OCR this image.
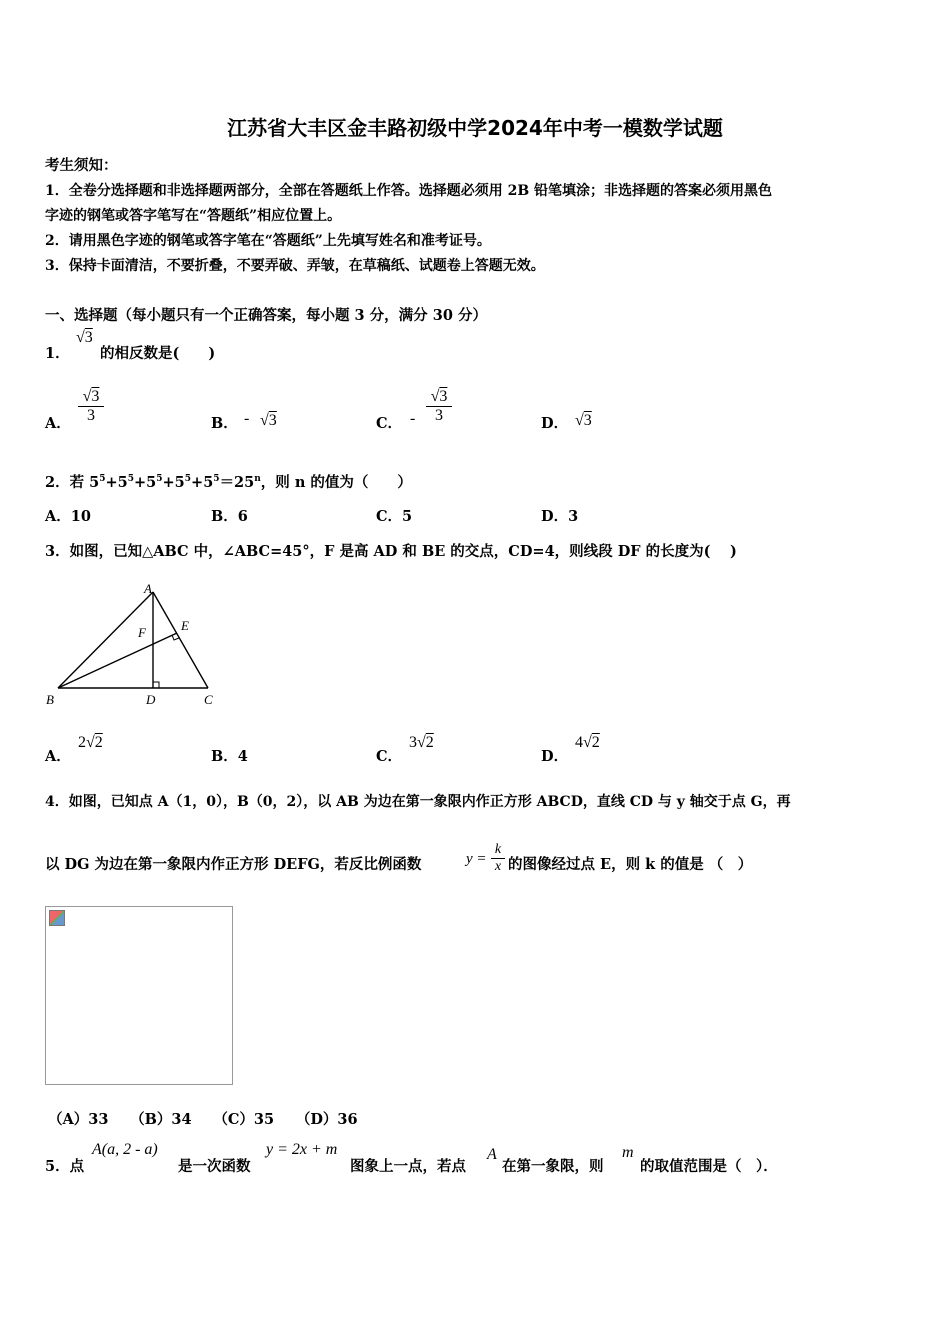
江苏省大丰区金丰路初级中学2024年中考一模数学试题
考生须知：
1．全卷分选择题和非选择题两部分，全部在答题纸上作答。选择题必须用 2B 铅笔填涂；非选择题的答案必须用黑色
字迹的钢笔或答字笔写在“答题纸”相应位置上。
2．请用黑色字迹的钢笔或答字笔在“答题纸”上先填写姓名和准考证号。
3．保持卡面清洁，不要折叠，不要弄破、弄皱，在草稿纸、试题卷上答题无效。
一、选择题（每小题只有一个正确答案，每小题 3 分，满分 30 分）
1．
√3
的相反数是(　　)
A．
√3
3	B． - √3	C． -
√3
3	D． √3
2．若 $5^5+5^5+5^5+5^5+5^5=25^n$，则 n 的值为（　　）
A．10	B．6	C．5	D．3
3．如图，已知△ABC 中，∠ABC=45°，F 是高 AD 和 BE 的交点，CD=4，则线段 DF 的长度为(　 )
A
B	C
D
E
F
A．
2√2
B．4	C．
3√2
D．
4√2
4．如图，已知点 A（1，0），B（0，2），以 AB 为边在第一象限内作正方形 ABCD，直线 CD 与 y 轴交于点 G，再
以 DG 为边在第一象限内作正方形 DEFG，若反比例函数	y =
k
x 的图像经过点 E，则 k 的值是 （　）
（A）33　　（B）34　　（C）35　　（D）36
5．点
A(a, 2 - a)
是一次函数
y = 2x + m
图象上一点，若点
A
在第一象限，则
m
的取值范围是（　）．
